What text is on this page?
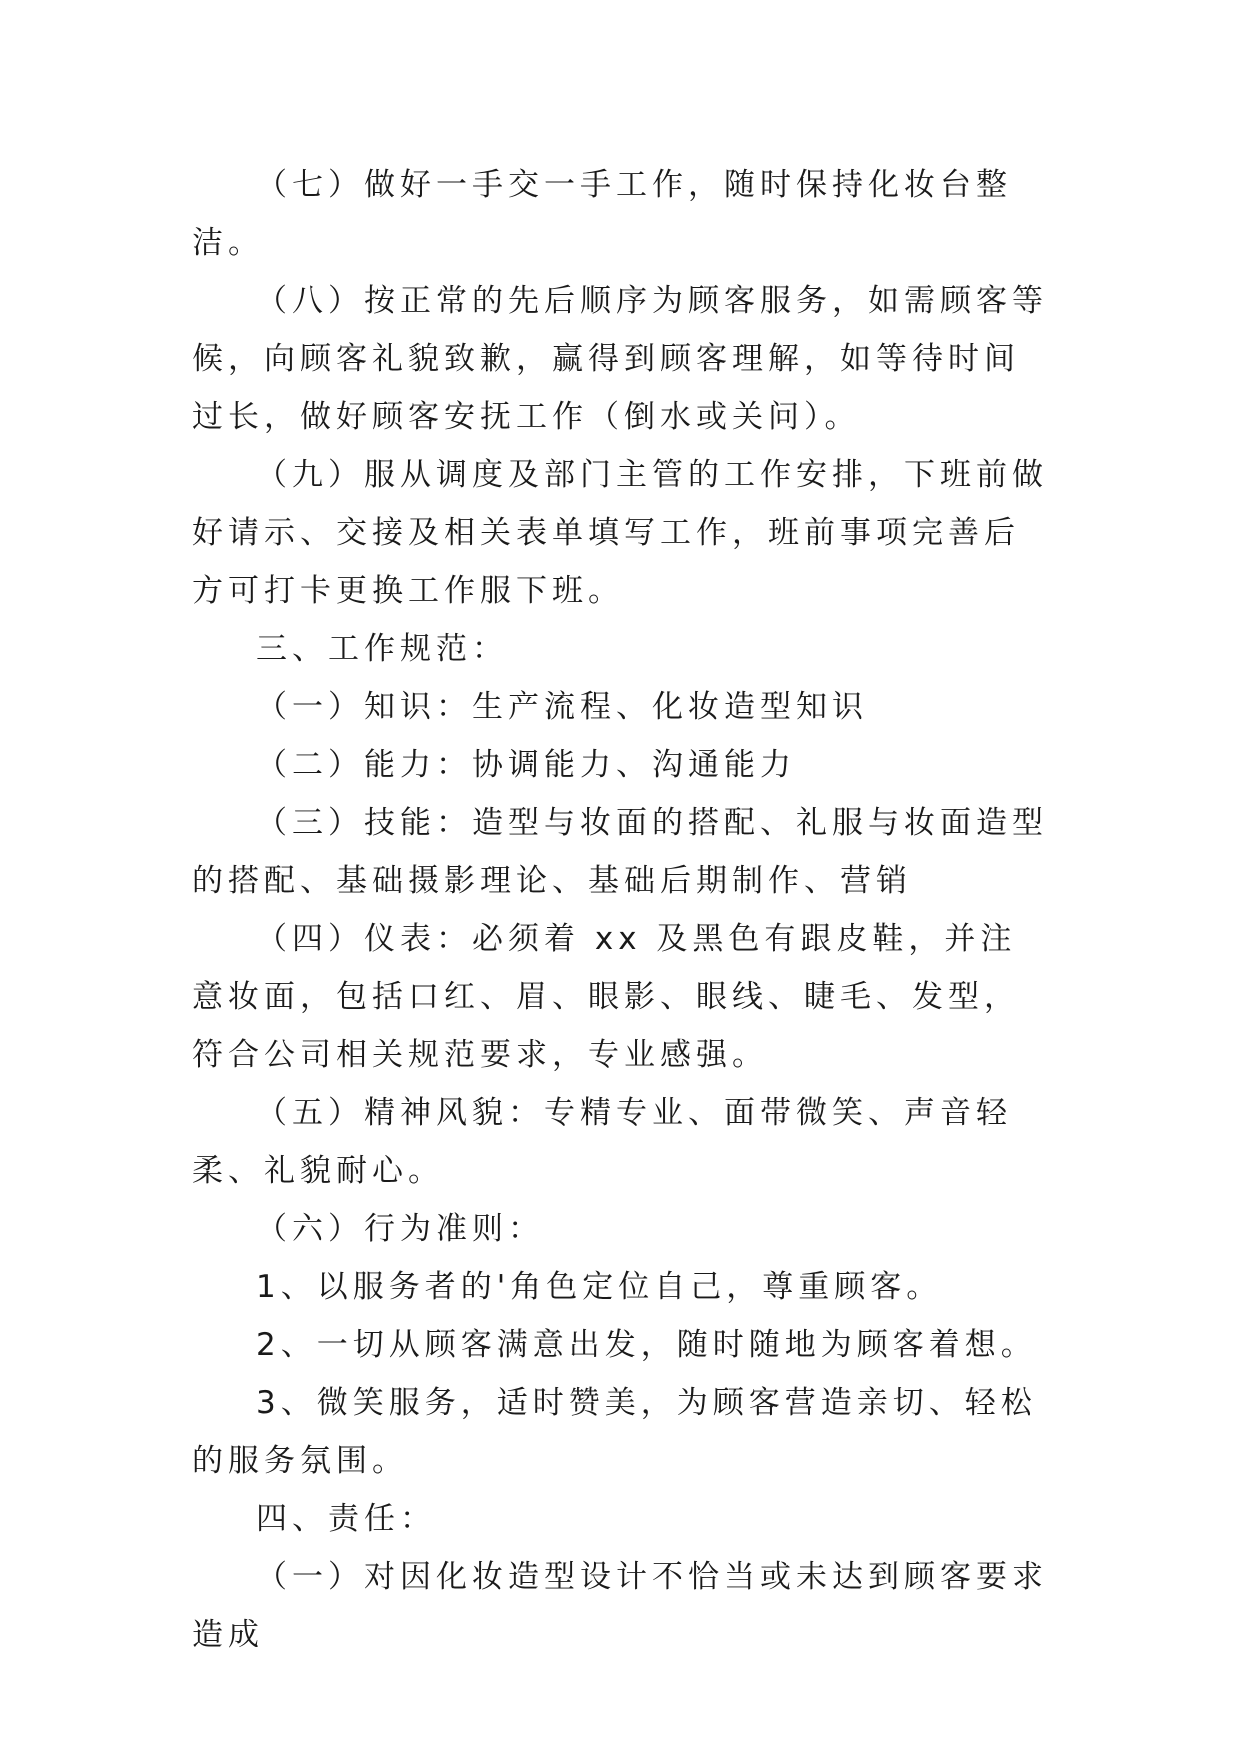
（七）做好一手交一手工作，随时保持化妆台整洁。

（八）按正常的先后顺序为顾客服务，如需顾客等候，向顾客礼貌致歉，赢得到顾客理解，如等待时间过长，做好顾客安抚工作（倒水或关问）。

（九）服从调度及部门主管的工作安排，下班前做好请示、交接及相关表单填写工作，班前事项完善后方可打卡更换工作服下班。

三、工作规范：

（一）知识：生产流程、化妆造型知识

（二）能力：协调能力、沟通能力

（三）技能：造型与妆面的搭配、礼服与妆面造型的搭配、基础摄影理论、基础后期制作、营销

（四）仪表：必须着 xx 及黑色有跟皮鞋，并注意妆面，包括口红、眉、眼影、眼线、睫毛、发型，符合公司相关规范要求，专业感强。

（五）精神风貌：专精专业、面带微笑、声音轻柔、礼貌耐心。

（六）行为准则：

1、以服务者的'角色定位自己，尊重顾客。

2、一切从顾客满意出发，随时随地为顾客着想。

3、微笑服务，适时赞美，为顾客营造亲切、轻松的服务氛围。

四、责任：

（一）对因化妆造型设计不恰当或未达到顾客要求造成
